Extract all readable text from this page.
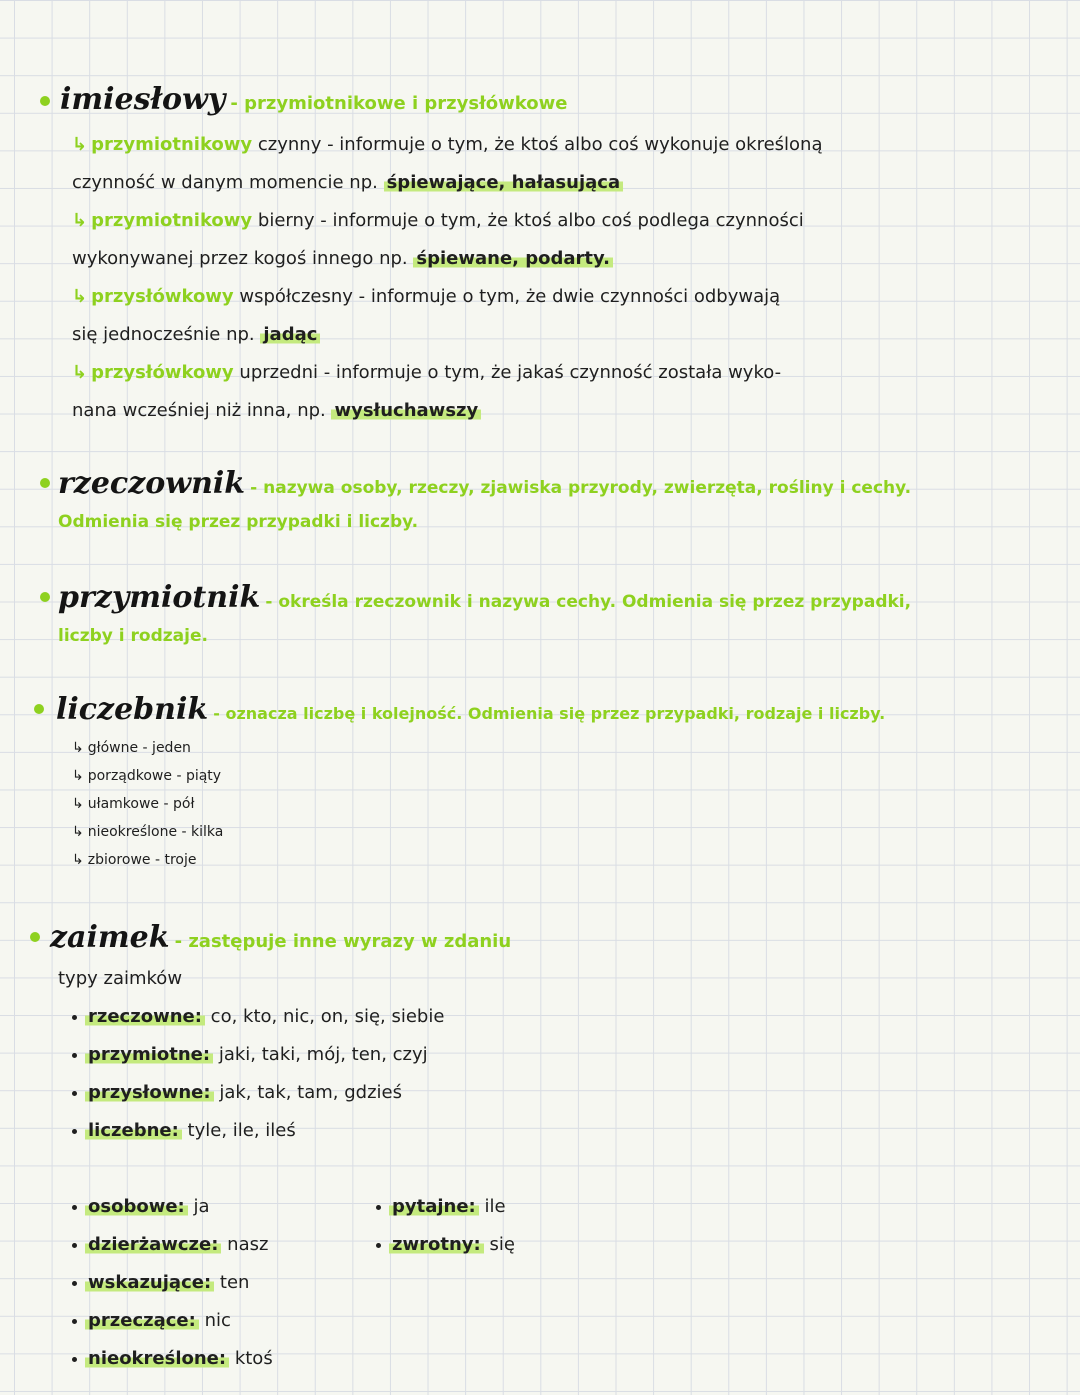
imiesłowy - przymiotnikowe i przysłówkowe
↳ przymiotnikowy czynny - informuje o tym, że ktoś albo coś wykonuje określoną
czynność w danym momencie np. śpiewające, hałasująca
↳ przymiotnikowy bierny - informuje o tym, że ktoś albo coś podlega czynności
wykonywanej przez kogoś innego np. śpiewane, podarty.
↳ przysłówkowy współczesny - informuje o tym, że dwie czynności odbywają
się jednocześnie np. jadąc
↳ przysłówkowy uprzedni - informuje o tym, że jakaś czynność została wyko-
nana wcześniej niż inna, np. wysłuchawszy
rzeczownik - nazywa osoby, rzeczy, zjawiska przyrody, zwierzęta, rośliny i cechy.
Odmienia się przez przypadki i liczby.
przymiotnik - określa rzeczownik i nazywa cechy. Odmienia się przez przypadki,
liczby i rodzaje.
liczebnik - oznacza liczbę i kolejność. Odmienia się przez przypadki, rodzaje i liczby.
↳ główne - jeden
↳ porządkowe - piąty
↳ ułamkowe - pół
↳ nieokreślone - kilka
↳ zbiorowe - troje
zaimek - zastępuje inne wyrazy w zdaniu
typy zaimków
rzeczowne: co, kto, nic, on, się, siebie
przymiotne: jaki, taki, mój, ten, czyj
przysłowne: jak, tak, tam, gdzieś
liczebne: tyle, ile, ileś
osobowe: ja
dzierżawcze: nasz
wskazujące: ten
przeczące: nic
nieokreślone: ktoś
pytajne: ile
zwrotny: się
